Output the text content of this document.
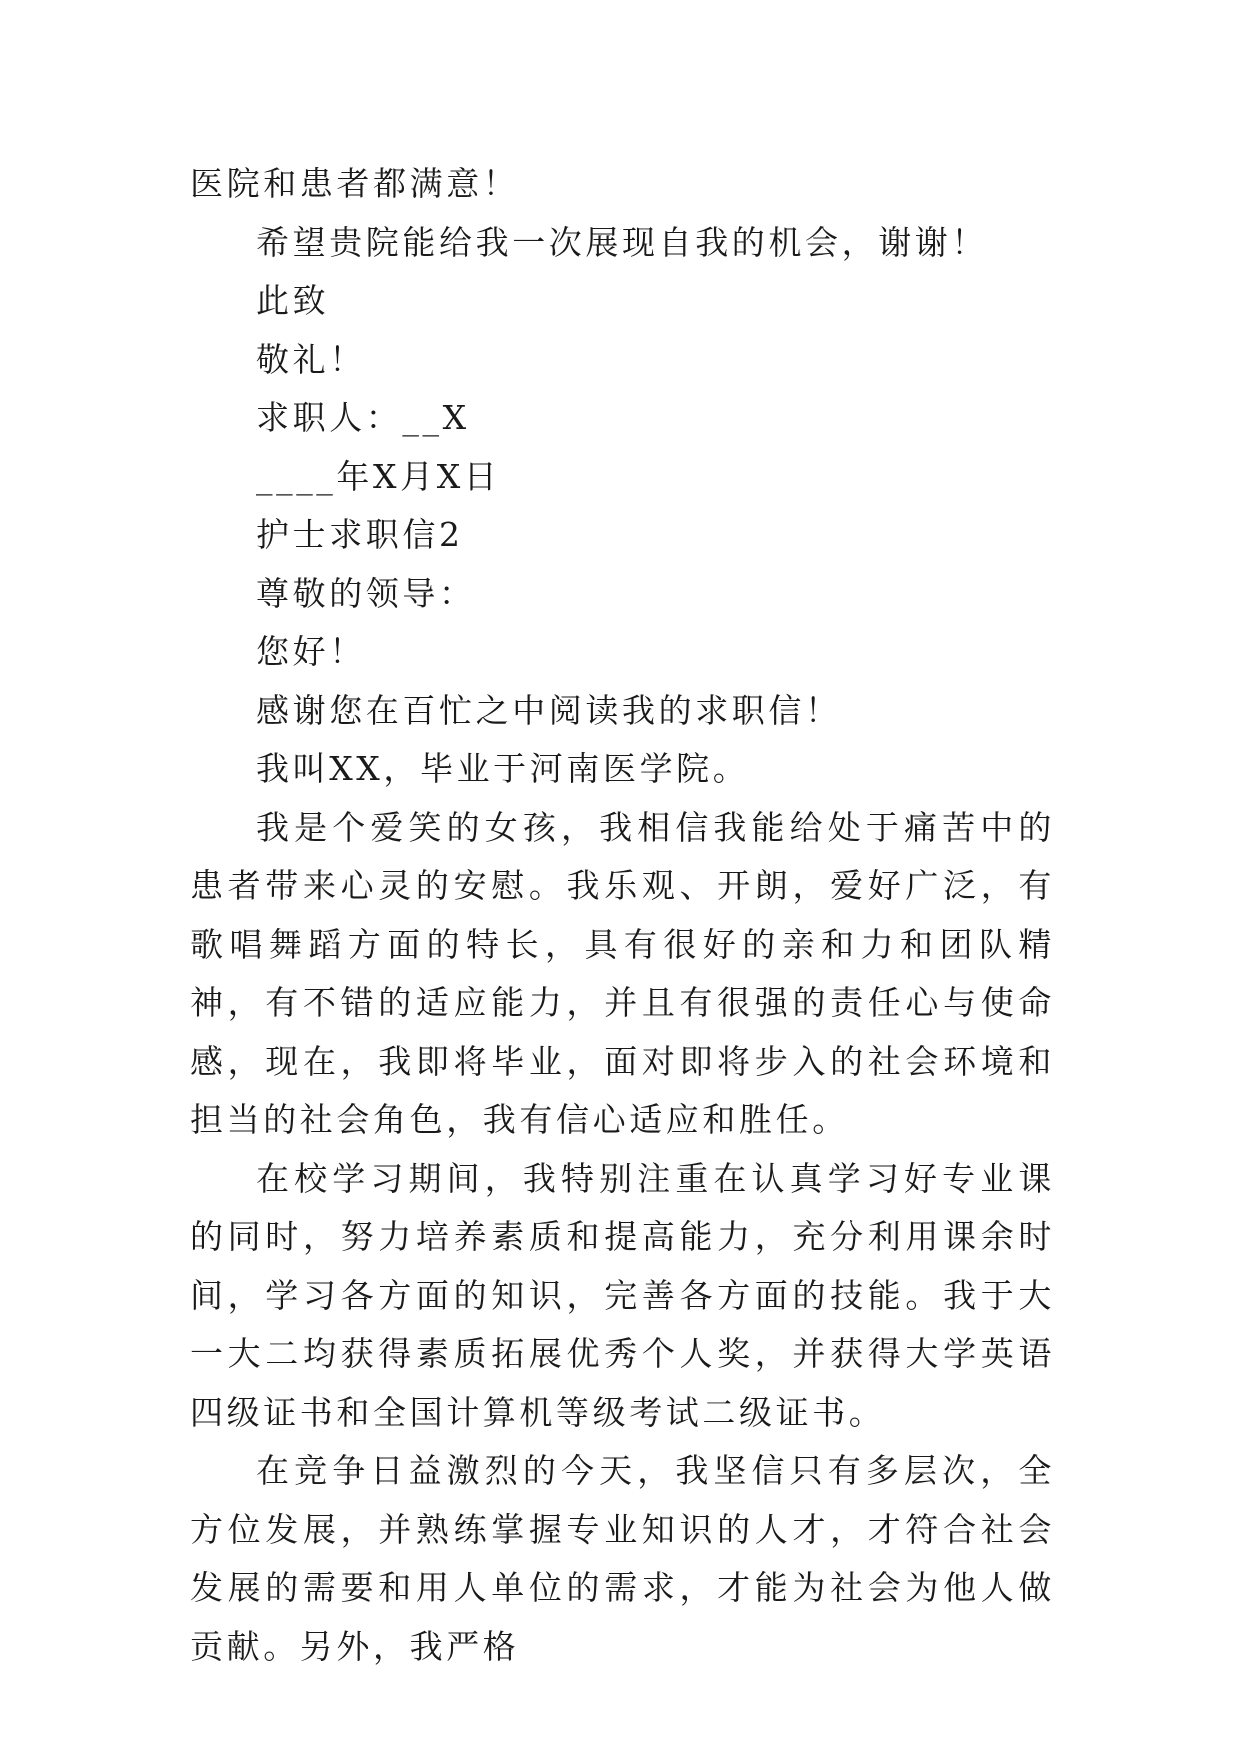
医院和患者都满意！

希望贵院能给我一次展现自我的机会，谢谢！

此致

敬礼！

求职人：__X

____年X月X日

护士求职信2

尊敬的领导：

您好！

感谢您在百忙之中阅读我的求职信！

我叫XX，毕业于河南医学院。

我是个爱笑的女孩，我相信我能给处于痛苦中的患者带来心灵的安慰。我乐观、开朗，爱好广泛，有歌唱舞蹈方面的特长，具有很好的亲和力和团队精神，有不错的适应能力，并且有很强的责任心与使命感，现在，我即将毕业，面对即将步入的社会环境和担当的社会角色，我有信心适应和胜任。

在校学习期间，我特别注重在认真学习好专业课的同时，努力培养素质和提高能力，充分利用课余时间，学习各方面的知识，完善各方面的技能。我于大一大二均获得素质拓展优秀个人奖，并获得大学英语四级证书和全国计算机等级考试二级证书。

在竞争日益激烈的今天，我坚信只有多层次，全方位发展，并熟练掌握专业知识的人才，才符合社会发展的需要和用人单位的需求，才能为社会为他人做贡献。另外，我严格
